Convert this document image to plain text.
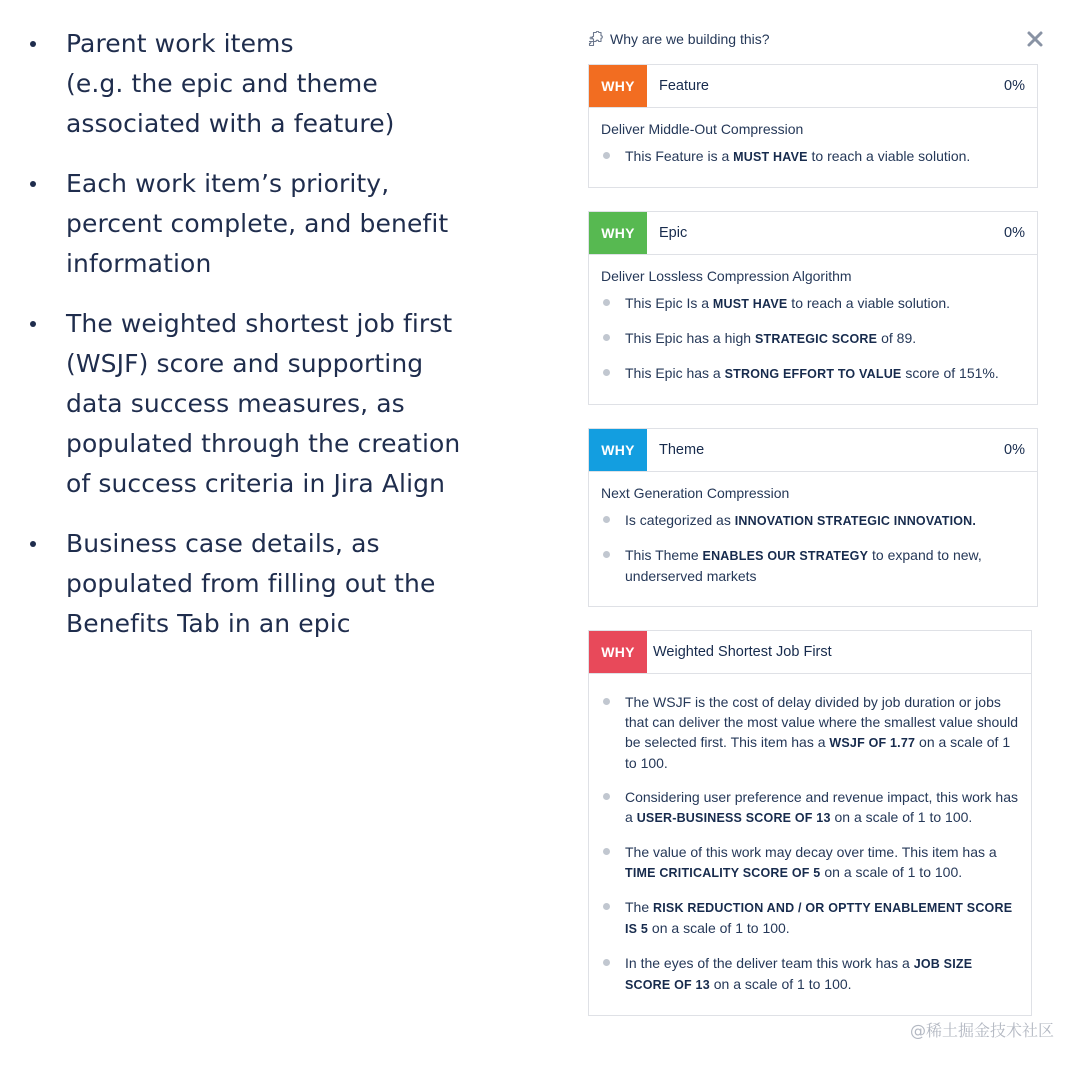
Parent work items
(e.g. the epic and theme
associated with a feature)
Each work item’s priority,
percent complete, and benefit
information
The weighted shortest job first
(WSJF) score and supporting
data success measures, as
populated through the creation
of success criteria in Jira Align
Business case details, as
populated from filling out the
Benefits Tab in an epic
Why are we building this?
WHY	Feature	0%
Deliver Middle-Out Compression
This Feature is a MUST HAVE to reach a viable solution.
WHY	Epic	0%
Deliver Lossless Compression Algorithm
This Epic Is a MUST HAVE to reach a viable solution.
This Epic has a high STRATEGIC SCORE of 89.
This Epic has a STRONG EFFORT TO VALUE score of 151%.
WHY	Theme	0%
Next Generation Compression
Is categorized as INNOVATION STRATEGIC INNOVATION.
This Theme ENABLES OUR STRATEGY to expand to new, underserved markets
WHY	Weighted Shortest Job First
The WSJF is the cost of delay divided by job duration or jobs that can deliver the most value where the smallest value should be selected first. This item has a WSJF OF 1.77 on a scale of 1 to 100.
Considering user preference and revenue impact, this work has a USER-BUSINESS SCORE OF 13 on a scale of 1 to 100.
The value of this work may decay over time. This item has a TIME CRITICALITY SCORE OF 5 on a scale of 1 to 100.
The RISK REDUCTION AND / OR OPTTY ENABLEMENT SCORE IS 5 on a scale of 1 to 100.
In the eyes of the deliver team this work has a JOB SIZE SCORE OF 13 on a scale of 1 to 100.
@稀土掘金技术社区
